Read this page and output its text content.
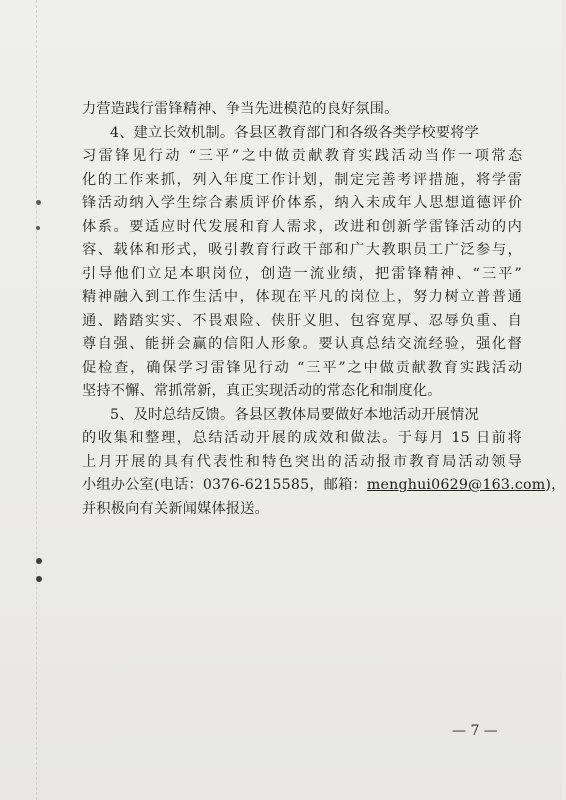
力营造践行雷锋精神、争当先进模范的良好氛围。
4、建立长效机制。各县区教育部门和各级各类学校要将学
习雷锋见行动 “三平”之中做贡献教育实践活动当作一项常态
化的工作来抓，列入年度工作计划，制定完善考评措施，将学雷
锋活动纳入学生综合素质评价体系，纳入未成年人思想道德评价
体系。要适应时代发展和育人需求，改进和创新学雷锋活动的内
容、载体和形式，吸引教育行政干部和广大教职员工广泛参与，
引导他们立足本职岗位，创造一流业绩，把雷锋精神、“三平”
精神融入到工作生活中，体现在平凡的岗位上，努力树立普普通
通、踏踏实实、不畏艰险、侠肝义胆、包容宽厚、忍辱负重、自
尊自强、能拼会赢的信阳人形象。要认真总结交流经验，强化督
促检查，确保学习雷锋见行动 “三平”之中做贡献教育实践活动
坚持不懈、常抓常新，真正实现活动的常态化和制度化。
5、及时总结反馈。各县区教体局要做好本地活动开展情况
的收集和整理，总结活动开展的成效和做法。于每月 15 日前将
上月开展的具有代表性和特色突出的活动报市教育局活动领导
小组办公室(电话：0376-6215585，邮箱：menghui0629@163.com)，
并积极向有关新闻媒体报送。
— 7 —
